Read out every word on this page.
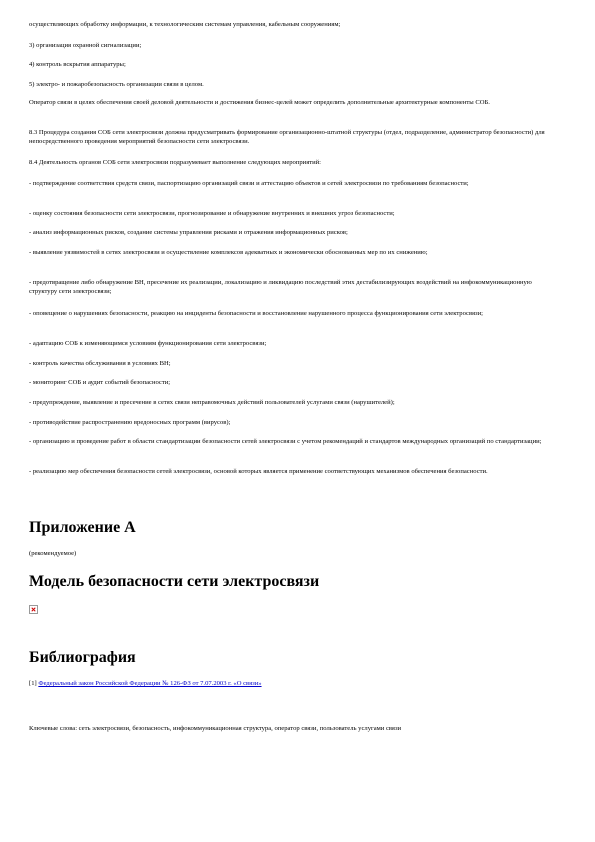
осуществляющих обработку информации, к технологическим системам управления, кабельным сооружениям;

3) организация охранной сигнализации;

4) контроль вскрытия аппаратуры;

5) электро- и пожаробезопасность организации связи в целом.

Оператор связи в целях обеспечения своей деловой деятельности и достижения бизнес-целей может определить дополнительные архитектурные компоненты СОБ.

8.3 Процедура создания СОБ сети электросвязи должна предусматривать формирование организационно-штатной структуры (отдел, подразделение, администратор безопасности) для непосредственного проведения мероприятий безопасности сети электросвязи.

8.4 Деятельность органов СОБ сети электросвязи подразумевает выполнение следующих мероприятий:

- подтверждение соответствия средств связи, паспортизацию организаций связи и аттестацию объектов и сетей электросвязи по требованиям безопасности;

- оценку состояния безопасности сети электросвязи, прогнозирование и обнаружение внутренних и внешних угроз безопасности;

- анализ информационных рисков, создание системы управления рисками и отражения информационных рисков;

- выявление уязвимостей в сетях электросвязи и осуществление комплексов адекватных и экономически обоснованных мер по их снижению;

- предотвращение либо обнаружение ВН, пресечение их реализации, локализацию и ликвидацию последствий этих дестабилизирующих воздействий на инфокоммуникационную структуру сети электросвязи;

- оповещение о нарушениях безопасности, реакцию на инциденты безопасности и восстановление нарушенного процесса функционирования сети электросвязи;

- адаптацию СОБ к изменяющимся условиям функционирования сети электросвязи;

- контроль качества обслуживания в условиях ВН;

- мониторинг СОБ и аудит событий безопасности;

- предупреждение, выявление и пресечение в сетях связи неправомочных действий пользователей услугами связи (нарушителей);

- противодействие распространению вредоносных программ (вирусов);

- организацию и проведение работ в области стандартизации безопасности сетей электросвязи с учетом рекомендаций и стандартов международных организаций по стандартизации;

- реализацию мер обеспечения безопасности сетей электросвязи, основой которых является применение соответствующих механизмов обеспечения безопасности.

Приложение А

(рекомендуемое)

Модель безопасности сети электросвязи
Библиография

[1] Федеральный закон Российской Федерации № 126-ФЗ от 7.07.2003 г. «О связи»

Ключевые слова: сеть электросвязи, безопасность, инфокоммуникационная структура, оператор связи, пользователь услугами связи
